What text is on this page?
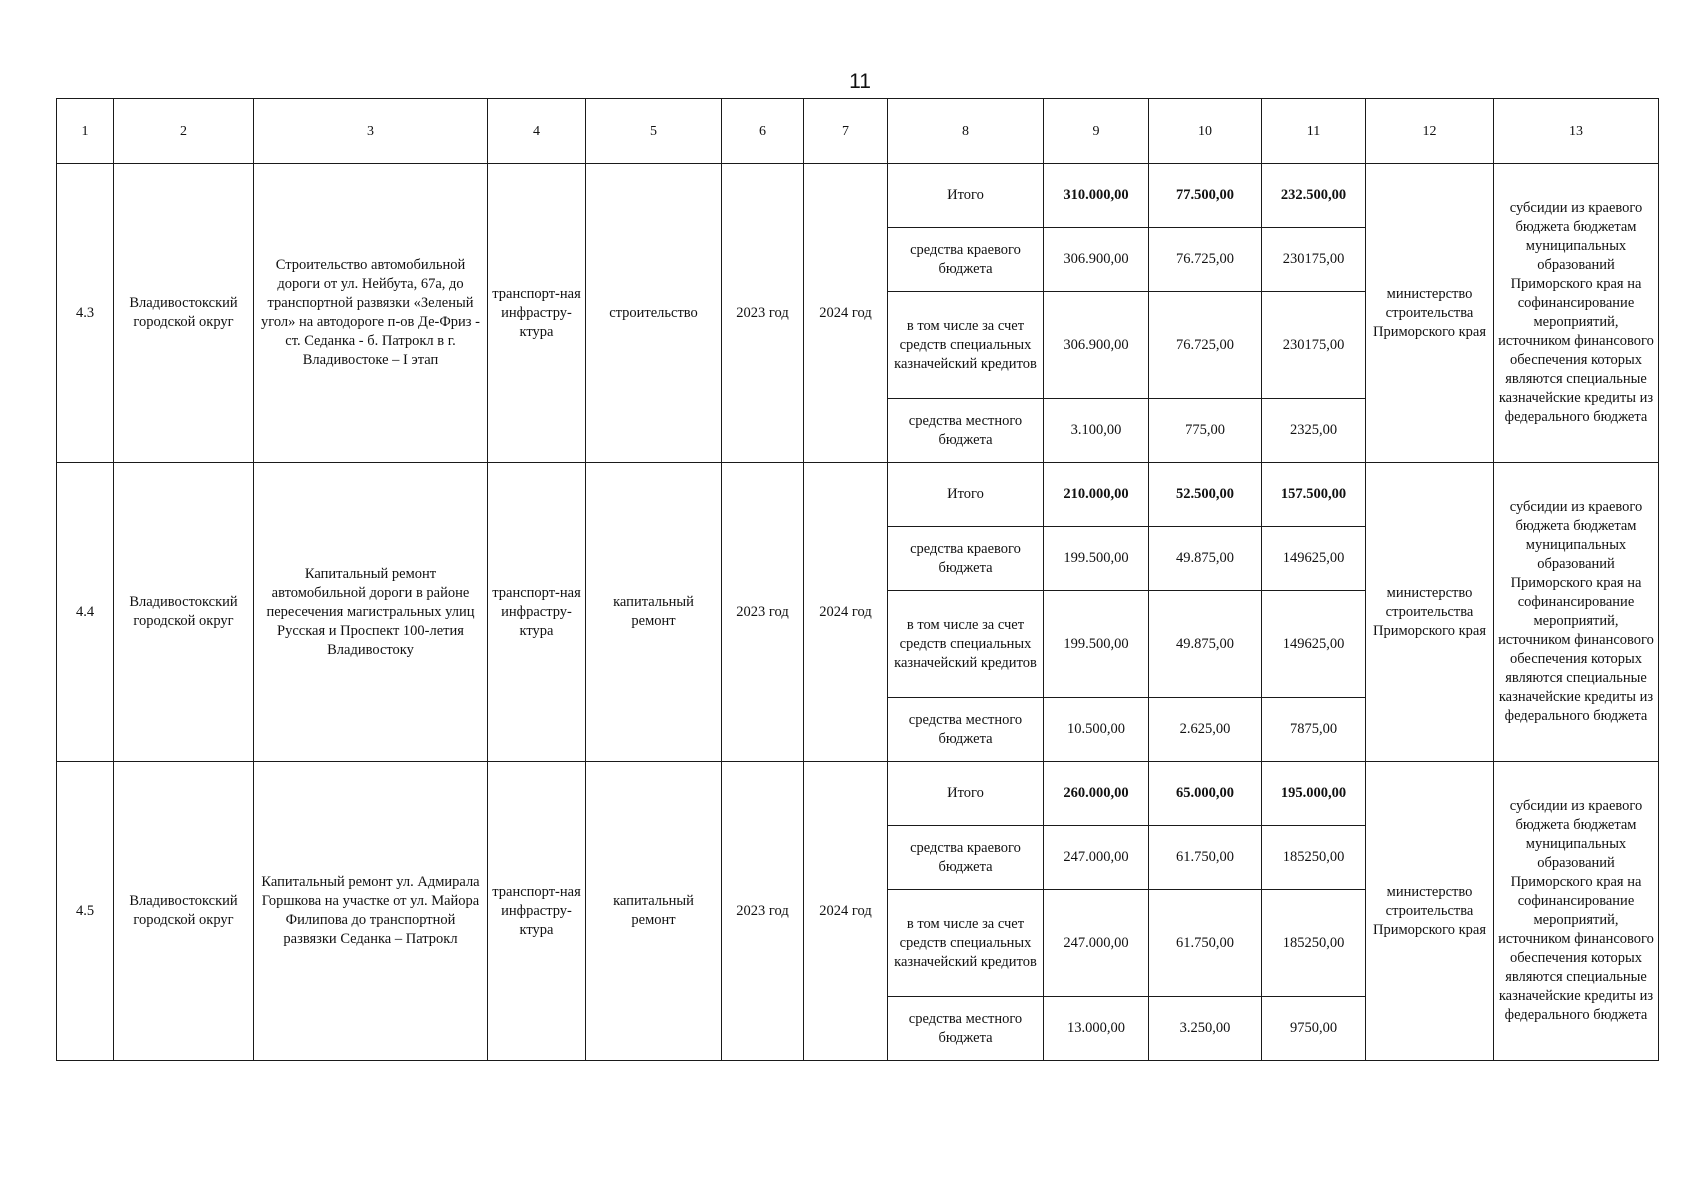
11
1	2	3	4	5	6	7	8	9	10	11	12	13
4.3	Владивостокский городской округ	Строительство автомобильной дороги от ул. Нейбута, 67а, до транспортной развязки «Зеленый угол» на автодороге п-ов Де-Фриз - ст. Седанка - б. Патрокл в г. Владивостоке – I этап	транспорт-ная инфрастру-ктура	строительство	2023 год	2024 год	Итого	310.000,00	77.500,00	232.500,00	министерство строительства Приморского края	субсидии из краевого бюджета бюджетам муниципальных образований Приморского края на софинансирование мероприятий, источником финансового обеспечения которых являются специальные казначейские кредиты из федерального бюджета
							средства краевого бюджета	306.900,00	76.725,00	230175,00		
							в том числе за счет средств специальных казначейский кредитов	306.900,00	76.725,00	230175,00		
							средства местного бюджета	3.100,00	775,00	2325,00		
4.4	Владивостокский городской округ	Капитальный ремонт автомобильной дороги в районе пересечения магистральных улиц Русская и Проспект 100-летия Владивостоку	транспорт-ная инфрастру-ктура	капитальный ремонт	2023 год	2024 год	Итого	210.000,00	52.500,00	157.500,00	министерство строительства Приморского края	субсидии из краевого бюджета бюджетам муниципальных образований Приморского края на софинансирование мероприятий, источником финансового обеспечения которых являются специальные казначейские кредиты из федерального бюджета
							средства краевого бюджета	199.500,00	49.875,00	149625,00		
							в том числе за счет средств специальных казначейский кредитов	199.500,00	49.875,00	149625,00		
							средства местного бюджета	10.500,00	2.625,00	7875,00		
4.5	Владивостокский городской округ	Капитальный ремонт ул. Адмирала Горшкова на участке от ул. Майора Филипова до транспортной развязки Седанка – Патрокл	транспорт-ная инфрастру-ктура	капитальный ремонт	2023 год	2024 год	Итого	260.000,00	65.000,00	195.000,00	министерство строительства Приморского края	субсидии из краевого бюджета бюджетам муниципальных образований Приморского края на софинансирование мероприятий, источником финансового обеспечения которых являются специальные казначейские кредиты из федерального бюджета
							средства краевого бюджета	247.000,00	61.750,00	185250,00		
							в том числе за счет средств специальных казначейский кредитов	247.000,00	61.750,00	185250,00		
							средства местного бюджета	13.000,00	3.250,00	9750,00		
